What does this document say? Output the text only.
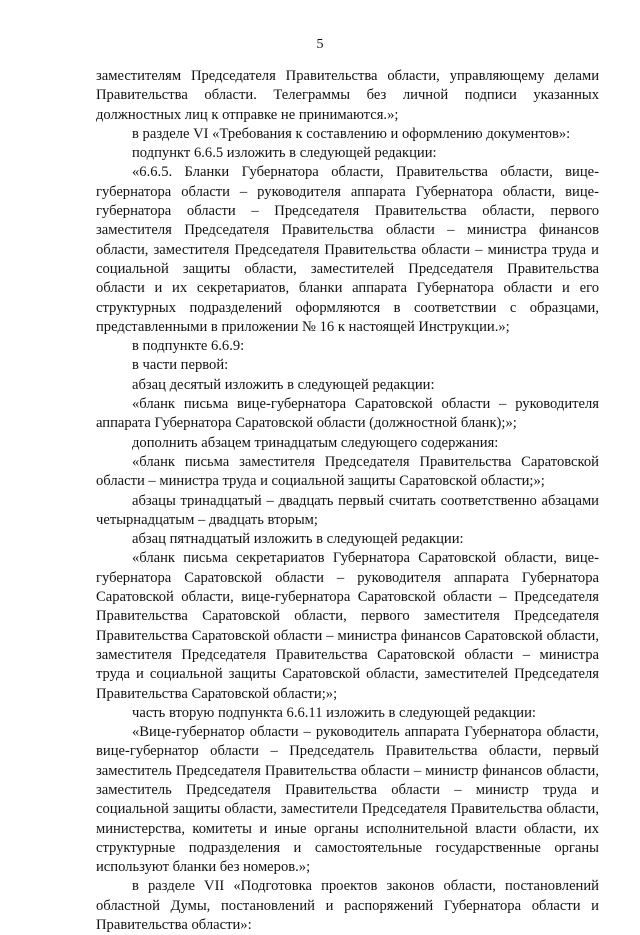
5

заместителям Председателя Правительства области, управляющему делами Правительства области. Телеграммы без личной подписи указанных должностных лиц к отправке не принимаются.»;

в разделе VI «Требования к составлению и оформлению документов»:

подпункт 6.6.5 изложить в следующей редакции:

«6.6.5. Бланки Губернатора области, Правительства области, вице-губернатора области – руководителя аппарата Губернатора области, вице-губернатора области – Председателя Правительства области, первого заместителя Председателя Правительства области – министра финансов области, заместителя Председателя Правительства области – министра труда и социальной защиты области, заместителей Председателя Правительства области и их секретариатов, бланки аппарата Губернатора области и его структурных подразделений оформляются в соответствии с образцами, представленными в приложении № 16 к настоящей Инструкции.»;

в подпункте 6.6.9:

в части первой:

абзац десятый изложить в следующей редакции:

«бланк письма вице-губернатора Саратовской области – руководителя аппарата Губернатора Саратовской области (должностной бланк);»;

дополнить абзацем тринадцатым следующего содержания:

«бланк письма заместителя Председателя Правительства Саратовской области – министра труда и социальной защиты Саратовской области;»;

абзацы тринадцатый – двадцать первый считать соответственно абзацами четырнадцатым – двадцать вторым;

абзац пятнадцатый изложить в следующей редакции:

«бланк письма секретариатов Губернатора Саратовской области, вице-губернатора Саратовской области – руководителя аппарата Губернатора Саратовской области, вице-губернатора Саратовской области – Председателя Правительства Саратовской области, первого заместителя Председателя Правительства Саратовской области – министра финансов Саратовской области, заместителя Председателя Правительства Саратовской области – министра труда и социальной защиты Саратовской области, заместителей Председателя Правительства Саратовской области;»;

часть вторую подпункта 6.6.11 изложить в следующей редакции:

«Вице-губернатор области – руководитель аппарата Губернатора области, вице-губернатор области – Председатель Правительства области, первый заместитель Председателя Правительства области – министр финансов области, заместитель Председателя Правительства области – министр труда и социальной защиты области, заместители Председателя Правительства области, министерства, комитеты и иные органы исполнительной власти области, их структурные подразделения и самостоятельные государственные органы используют бланки без номеров.»;

в разделе VII «Подготовка проектов законов области, постановлений областной Думы, постановлений и распоряжений Губернатора области и Правительства области»:
